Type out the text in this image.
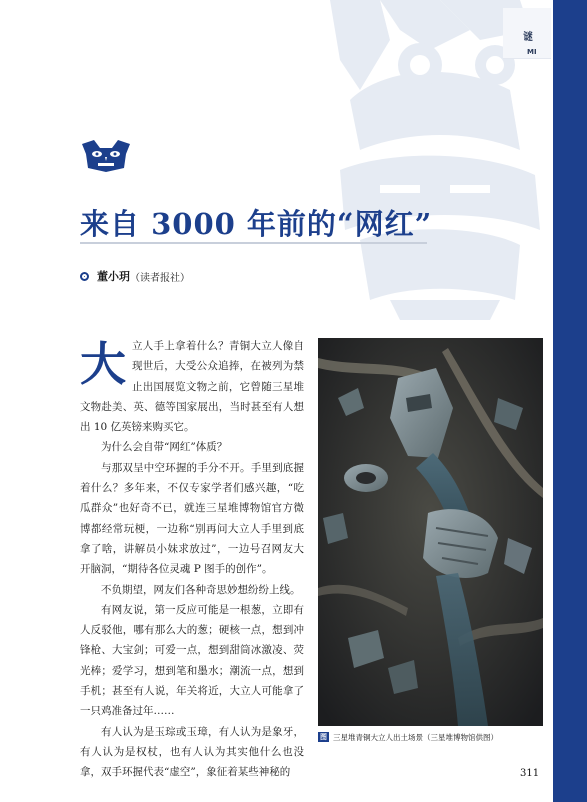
谜
MI
来自 3000 年前的“网红”
董小玥 （读者报社）

大 立人手上拿着什么？青铜大立人像自现世后，大受公众追捧，在被列为禁止出国展览文物之前，它曾随三星堆文物赴美、英、德等国家展出，当时甚至有人想出 10 亿英镑来购买它。

为什么会自带“网红”体质？

与那双呈中空环握的手分不开。手里到底握着什么？多年来，不仅专家学者们感兴趣，“吃瓜群众”也好奇不已，就连三星堆博物馆官方微博都经常玩梗，一边称“别再问大立人手里到底拿了啥，讲解员小妹求放过”，一边号召网友大开脑洞，“期待各位灵魂 P 图手的创作”。

不负期望，网友们各种奇思妙想纷纷上线。

有网友说，第一反应可能是一根葱，立即有人反驳他，哪有那么大的葱；硬核一点，想到冲锋枪、大宝剑；可爱一点，想到甜筒冰激凌、荧光棒；爱学习，想到笔和墨水；潮流一点，想到手机；甚至有人说，年关将近，大立人可能拿了一只鸡准备过年……

有人认为是玉琮或玉璋，有人认为是象牙，有人认为是权杖，也有人认为其实他什么也没拿，双手环握代表“虚空”，象征着某些神秘的

图 三星堆青铜大立人出土场景（三星堆博物馆供图）
311
